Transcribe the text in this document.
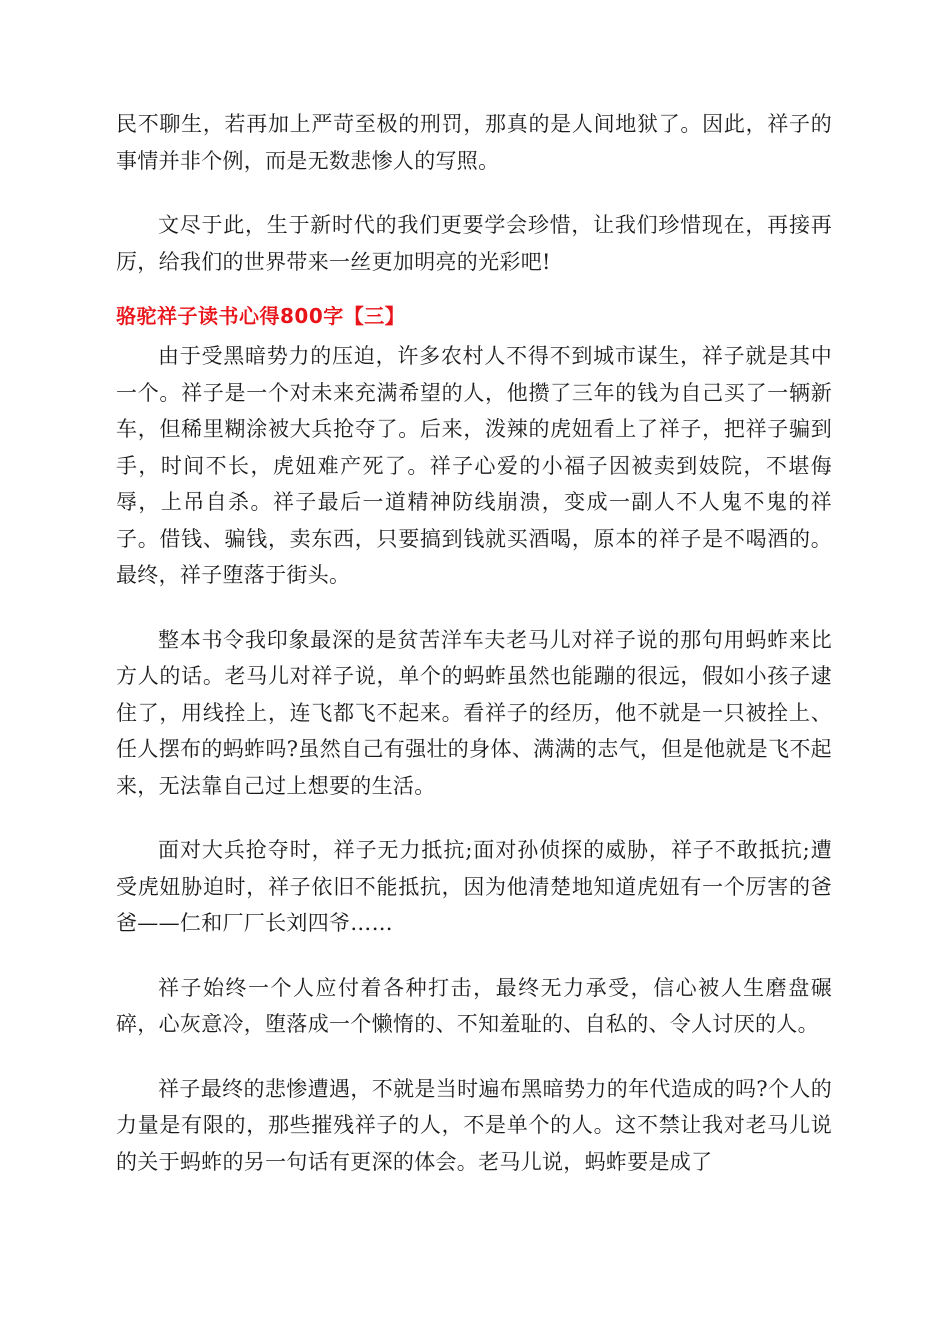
民不聊生，若再加上严苛至极的刑罚，那真的是人间地狱了。因此，祥子的事情并非个例，而是无数悲惨人的写照。

文尽于此，生于新时代的我们更要学会珍惜，让我们珍惜现在，再接再厉，给我们的世界带来一丝更加明亮的光彩吧!

骆驼祥子读书心得800字【三】

由于受黑暗势力的压迫，许多农村人不得不到城市谋生，祥子就是其中一个。祥子是一个对未来充满希望的人，他攒了三年的钱为自己买了一辆新车，但稀里糊涂被大兵抢夺了。后来，泼辣的虎妞看上了祥子，把祥子骗到手，时间不长，虎妞难产死了。祥子心爱的小福子因被卖到妓院，不堪侮辱，上吊自杀。祥子最后一道精神防线崩溃，变成一副人不人鬼不鬼的祥子。借钱、骗钱，卖东西，只要搞到钱就买酒喝，原本的祥子是不喝酒的。最终，祥子堕落于街头。

整本书令我印象最深的是贫苦洋车夫老马儿对祥子说的那句用蚂蚱来比方人的话。老马儿对祥子说，单个的蚂蚱虽然也能蹦的很远，假如小孩子逮住了，用线拴上，连飞都飞不起来。看祥子的经历，他不就是一只被拴上、任人摆布的蚂蚱吗?虽然自己有强壮的身体、满满的志气，但是他就是飞不起来，无法靠自己过上想要的生活。

面对大兵抢夺时，祥子无力抵抗;面对孙侦探的威胁，祥子不敢抵抗;遭受虎妞胁迫时，祥子依旧不能抵抗，因为他清楚地知道虎妞有一个厉害的爸爸——仁和厂厂长刘四爷……

祥子始终一个人应付着各种打击，最终无力承受，信心被人生磨盘碾碎，心灰意冷，堕落成一个懒惰的、不知羞耻的、自私的、令人讨厌的人。

祥子最终的悲惨遭遇，不就是当时遍布黑暗势力的年代造成的吗?个人的力量是有限的，那些摧残祥子的人，不是单个的人。这不禁让我对老马儿说的关于蚂蚱的另一句话有更深的体会。老马儿说，蚂蚱要是成了
